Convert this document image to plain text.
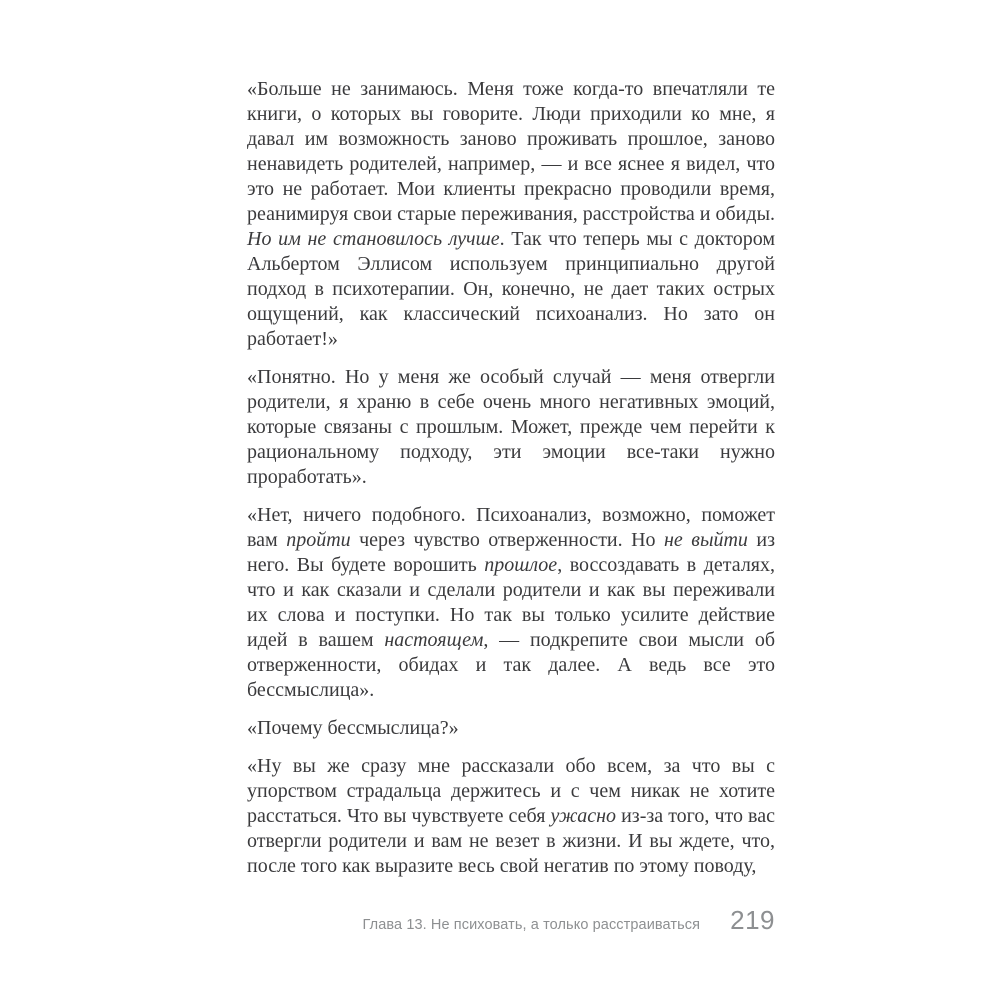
«Больше не занимаюсь. Меня тоже когда-то впечатляли те книги, о которых вы говорите. Люди приходили ко мне, я давал им возможность заново проживать прошлое, заново ненавидеть родителей, например, — и все яснее я видел, что это не работает. Мои клиенты прекрасно проводили время, реанимируя свои старые переживания, расстройства и обиды. Но им не становилось лучше. Так что теперь мы с доктором Альбертом Эллисом используем принципиально другой подход в психотерапии. Он, конечно, не дает таких острых ощущений, как классический психоанализ. Но зато он работает!»

«Понятно. Но у меня же особый случай — меня отвергли родители, я храню в себе очень много негативных эмоций, которые связаны с прошлым. Может, прежде чем перейти к рациональному подходу, эти эмоции все-таки нужно проработать».

«Нет, ничего подобного. Психоанализ, возможно, поможет вам пройти через чувство отверженности. Но не выйти из него. Вы будете ворошить прошлое, воссоздавать в деталях, что и как сказали и сделали родители и как вы переживали их слова и поступки. Но так вы только усилите действие идей в вашем настоящем, — подкрепите свои мысли об отверженности, обидах и так далее. А ведь все это бессмыслица».

«Почему бессмыслица?»

«Ну вы же сразу мне рассказали обо всем, за что вы с упорством страдальца держитесь и с чем никак не хотите расстаться. Что вы чувствуете себя ужасно из-за того, что вас отвергли родители и вам не везет в жизни. И вы ждете, что, после того как выразите весь свой негатив по этому поводу,

Глава 13. Не психовать, а только расстраиваться 219
